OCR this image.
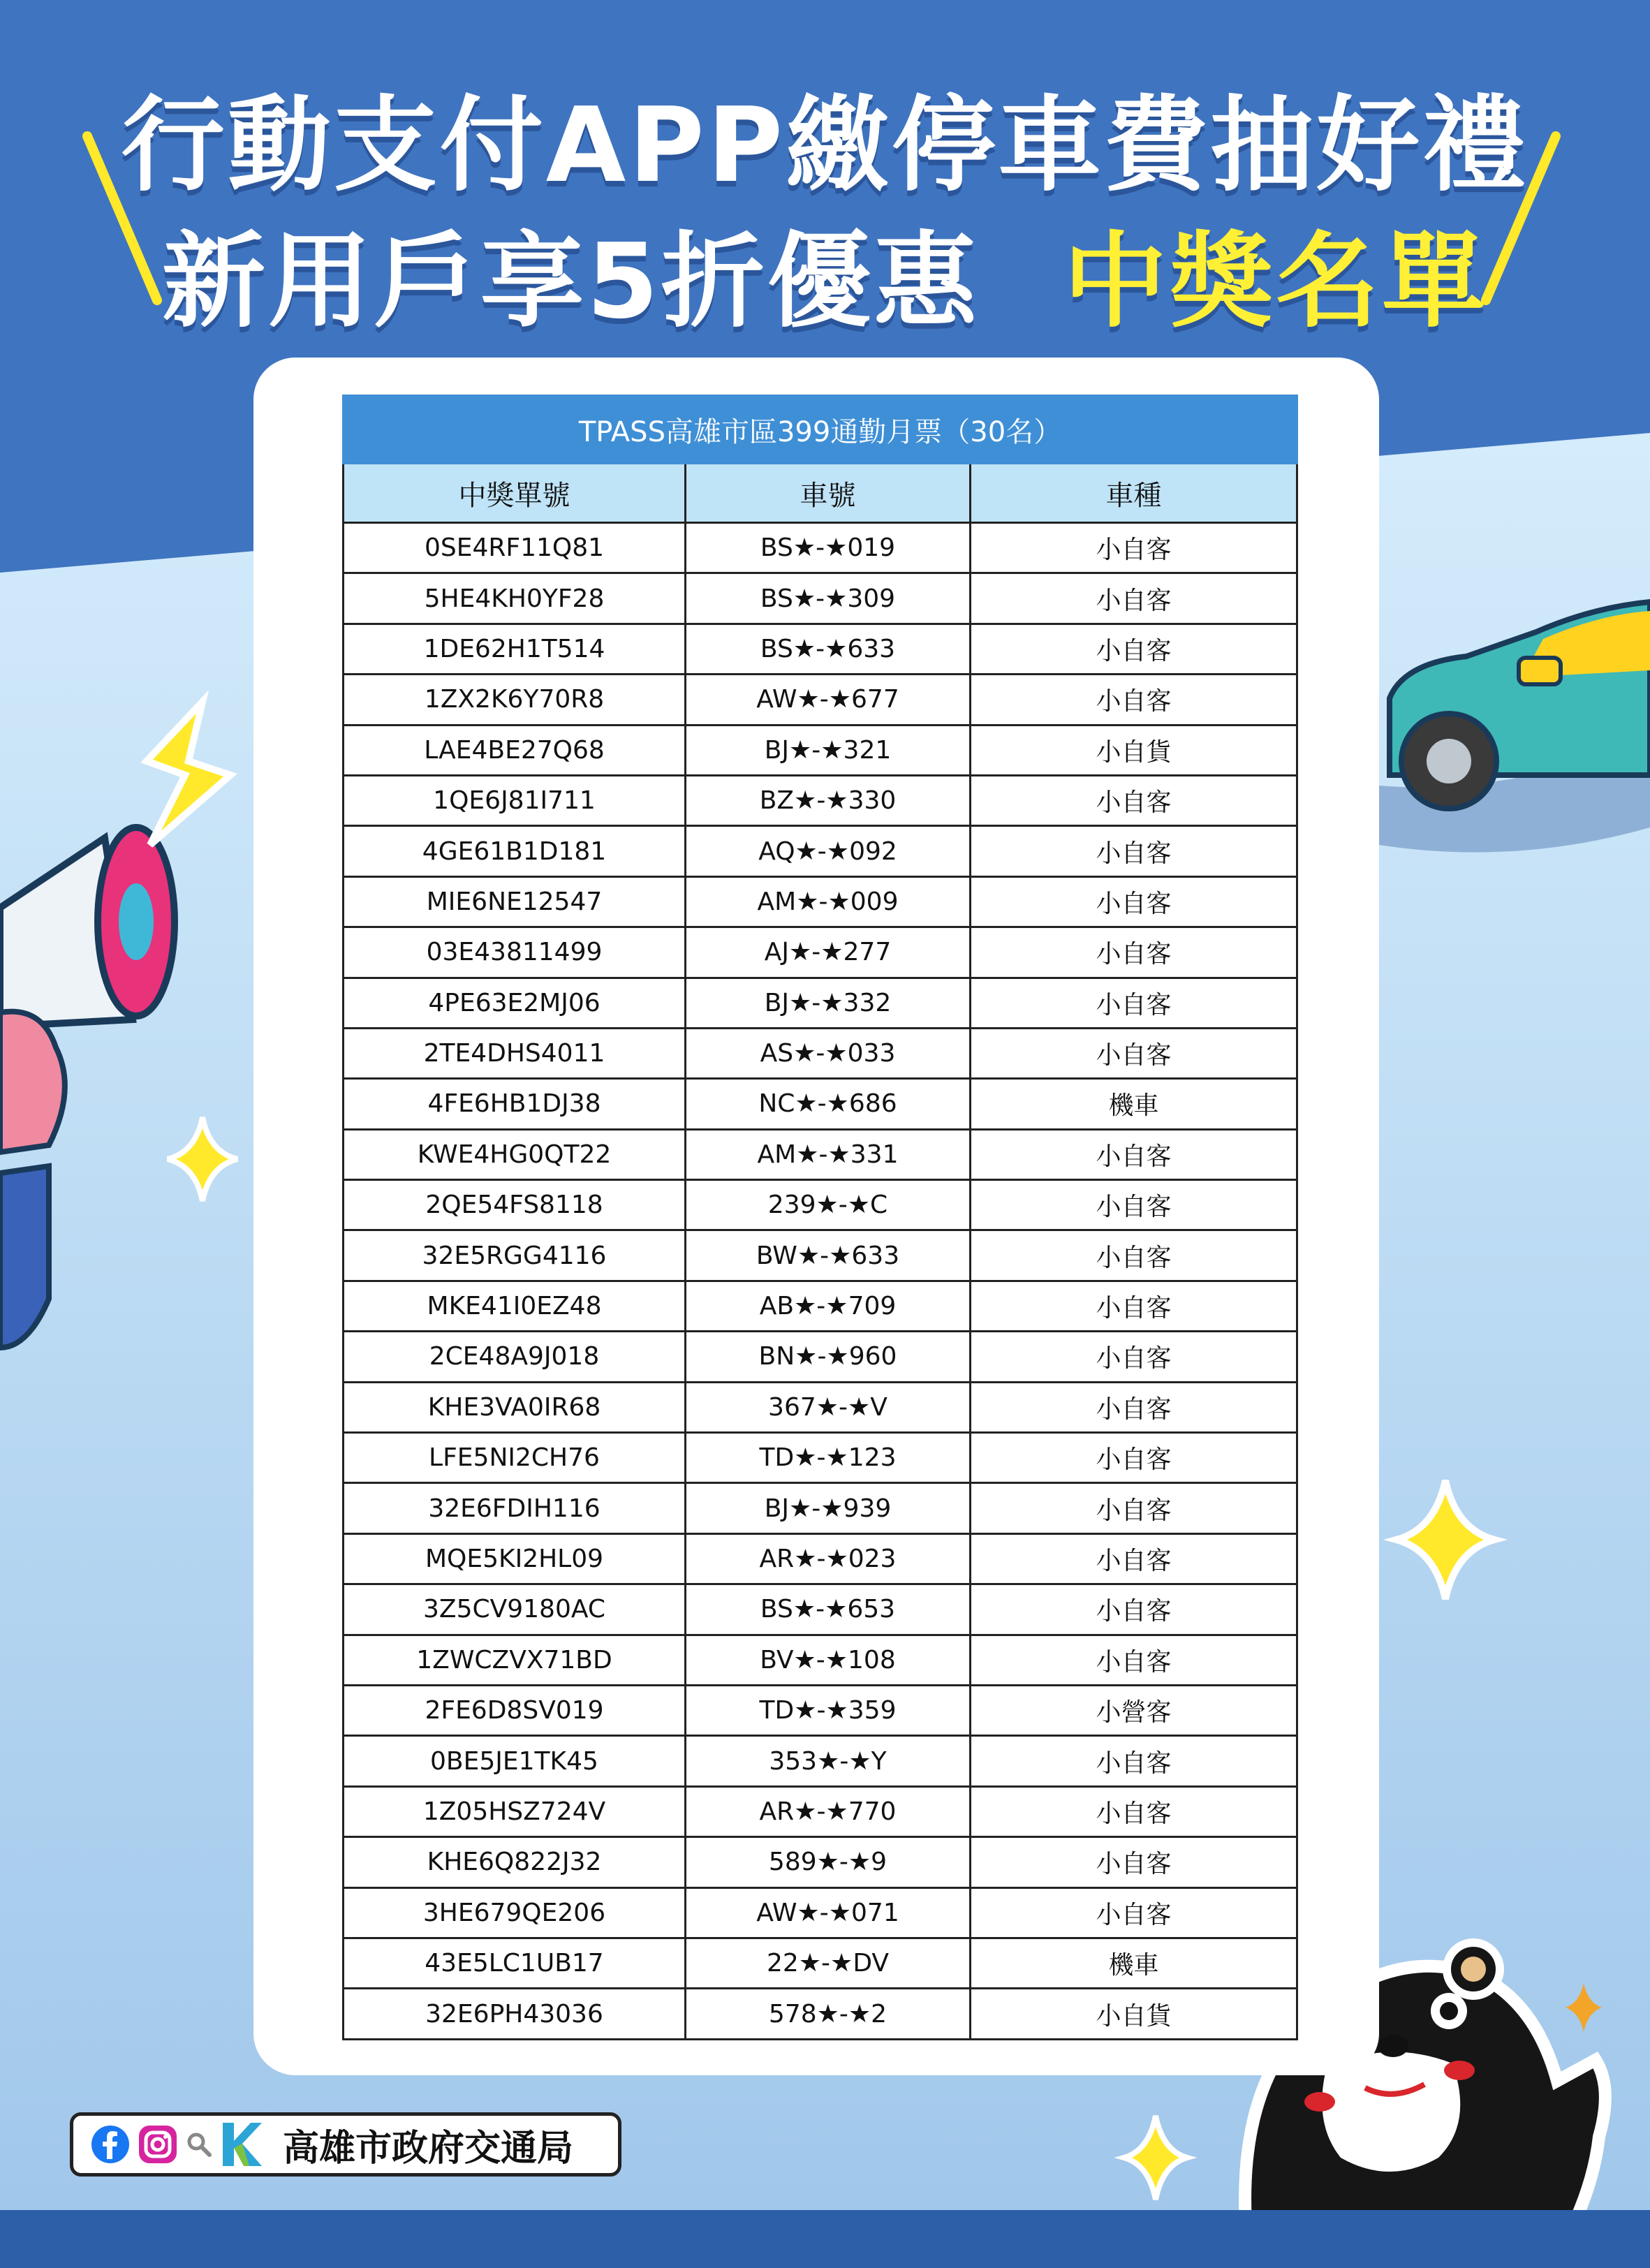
行動支付APP繳停車費抽好禮
新用戶享5折優惠 中獎名單
TPASS高雄市區399通勤月票（30名）		
中獎單號	車號	車種
0SE4RF11Q81	BS★-★019	小自客
5HE4KH0YF28	BS★-★309	小自客
1DE62H1T514	BS★-★633	小自客
1ZX2K6Y70R8	AW★-★677	小自客
LAE4BE27Q68	BJ★-★321	小自貨
1QE6J81I711	BZ★-★330	小自客
4GE61B1D181	AQ★-★092	小自客
MIE6NE12547	AM★-★009	小自客
03E43811499	AJ★-★277	小自客
4PE63E2MJ06	BJ★-★332	小自客
2TE4DHS4011	AS★-★033	小自客
4FE6HB1DJ38	NC★-★686	機車
KWE4HG0QT22	AM★-★331	小自客
2QE54FS8118	239★-★C	小自客
32E5RGG4116	BW★-★633	小自客
MKE41I0EZ48	AB★-★709	小自客
2CE48A9J018	BN★-★960	小自客
KHE3VA0IR68	367★-★V	小自客
LFE5NI2CH76	TD★-★123	小自客
32E6FDIH116	BJ★-★939	小自客
MQE5KI2HL09	AR★-★023	小自客
3Z5CV9180AC	BS★-★653	小自客
1ZWCZVX71BD	BV★-★108	小自客
2FE6D8SV019	TD★-★359	小營客
0BE5JE1TK45	353★-★Y	小自客
1Z05HSZ724V	AR★-★770	小自客
KHE6Q822J32	589★-★9	小自客
3HE679QE206	AW★-★071	小自客
43E5LC1UB17	22★-★DV	機車
32E6PH43036	578★-★2	小自貨
高雄市政府交通局
